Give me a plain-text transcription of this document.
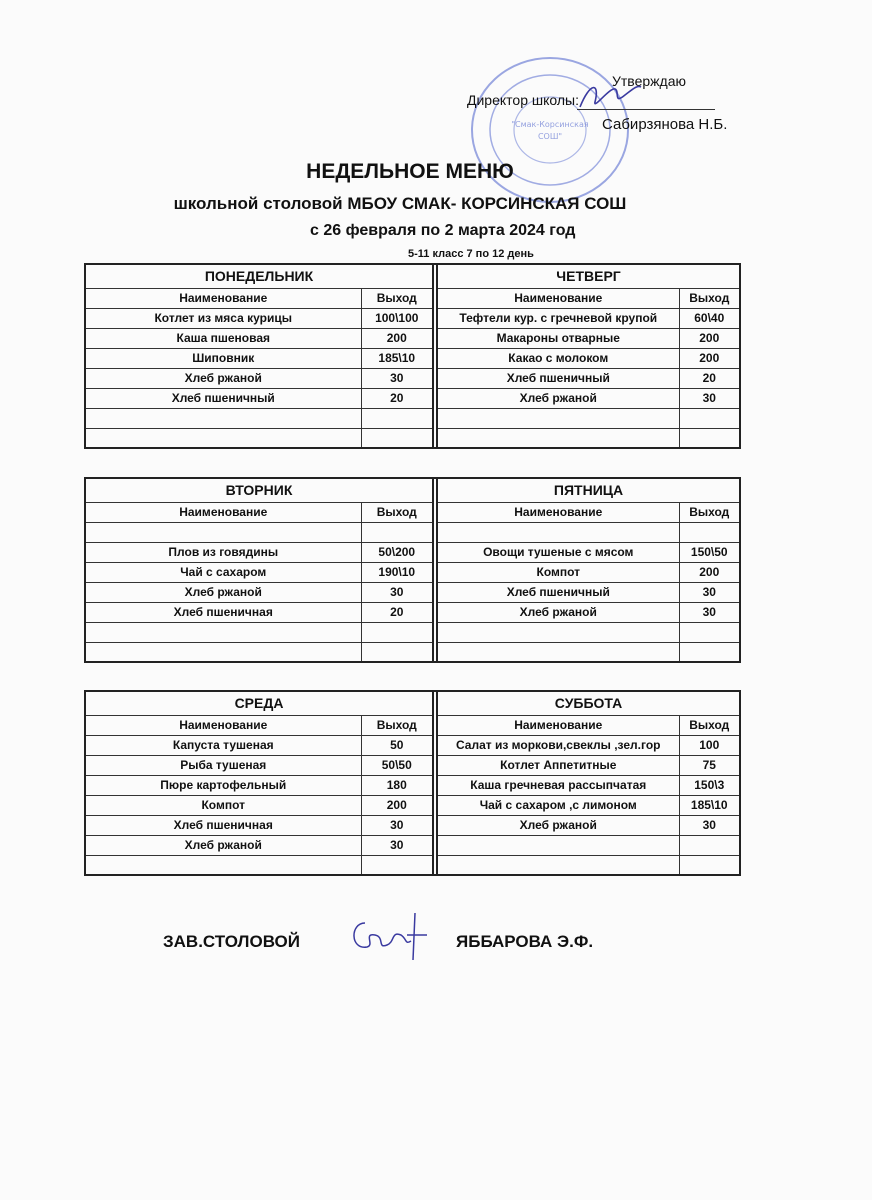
"Смак-Корсинская
СОШ"
Утверждаю
Директор школы:
Сабирзянова Н.Б.
НЕДЕЛЬНОЕ МЕНЮ
школьной столовой МБОУ СМАК- КОРСИНСКАЯ СОШ
с 26 февраля по 2 марта 2024 год
5-11 класс 7 по 12 день
ПОНЕДЕЛЬНИК			ЧЕТВЕРГ	
Наименование	Выход		Наименование	Выход
Котлет из мяса курицы	100\100		Тефтели кур. с гречневой крупой	60\40
Каша пшеновая	200		Макароны отварные	200
Шиповник	185\10		Какао с молоком	200
Хлеб ржаной	30		Хлеб пшеничный	20
Хлеб пшеничный	20		Хлеб ржаной	30

ВТОРНИК			ПЯТНИЦА	
Наименование	Выход		Наименование	Выход

Плов из говядины	50\200		Овощи тушеные с мясом	150\50
Чай с сахаром	190\10		Компот	200
Хлеб ржаной	30		Хлеб пшеничный	30
Хлеб пшеничная	20		Хлеб ржаной	30

СРЕДА			СУББОТА	
Наименование	Выход		Наименование	Выход
Капуста тушеная	50		Салат из моркови,свеклы ,зел.гор	100
Рыба тушеная	50\50		Котлет Аппетитные	75
Пюре картофельный	180		Каша гречневая рассыпчатая	150\3
Компот	200		Чай с сахаром ,с лимоном	185\10
Хлеб пшеничная	30		Хлеб ржаной	30
Хлеб ржаной	30			

ЗАВ.СТОЛОВОЙ	ЯББАРОВА Э.Ф.
